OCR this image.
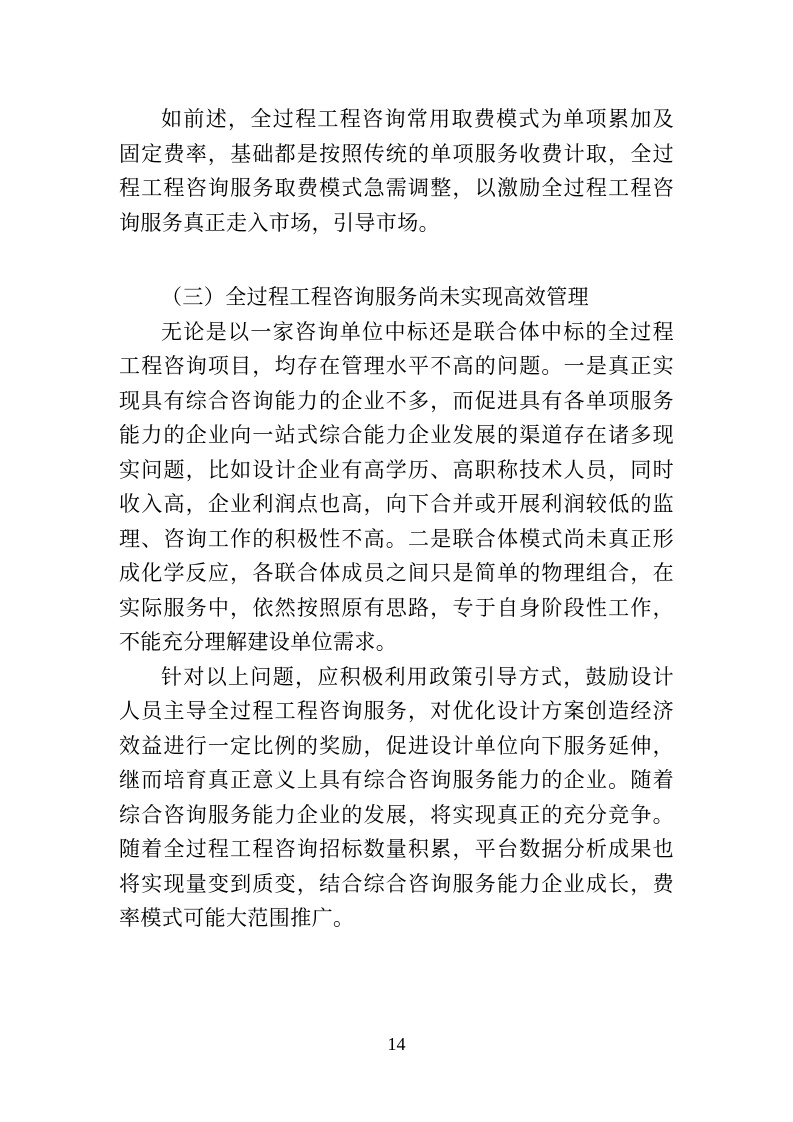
如前述，全过程工程咨询常用取费模式为单项累加及固定费率，基础都是按照传统的单项服务收费计取，全过程工程咨询服务取费模式急需调整，以激励全过程工程咨询服务真正走入市场，引导市场。

（三）全过程工程咨询服务尚未实现高效管理

无论是以一家咨询单位中标还是联合体中标的全过程工程咨询项目，均存在管理水平不高的问题。一是真正实现具有综合咨询能力的企业不多，而促进具有各单项服务能力的企业向一站式综合能力企业发展的渠道存在诸多现实问题，比如设计企业有高学历、高职称技术人员，同时收入高，企业利润点也高，向下合并或开展利润较低的监理、咨询工作的积极性不高。二是联合体模式尚未真正形成化学反应，各联合体成员之间只是简单的物理组合，在实际服务中，依然按照原有思路，专于自身阶段性工作，不能充分理解建设单位需求。

针对以上问题，应积极利用政策引导方式，鼓励设计人员主导全过程工程咨询服务，对优化设计方案创造经济效益进行一定比例的奖励，促进设计单位向下服务延伸，继而培育真正意义上具有综合咨询服务能力的企业。随着综合咨询服务能力企业的发展，将实现真正的充分竞争。随着全过程工程咨询招标数量积累，平台数据分析成果也将实现量变到质变，结合综合咨询服务能力企业成长，费率模式可能大范围推广。

14
